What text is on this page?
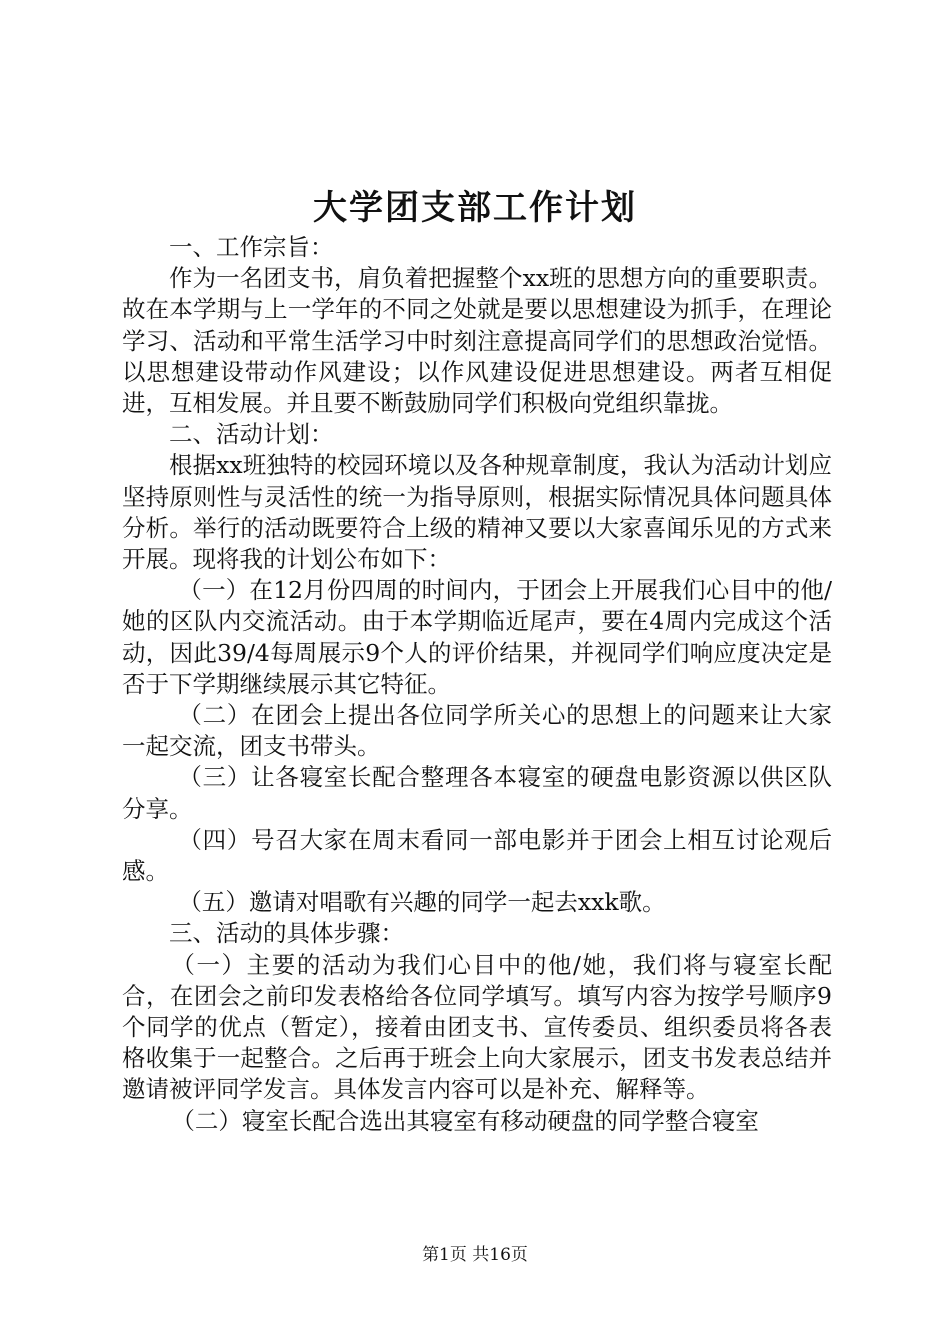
大学团支部工作计划

一、工作宗旨：

作为一名团支书，肩负着把握整个xx班的思想方向的重要职责。故在本学期与上一学年的不同之处就是要以思想建设为抓手，在理论学习、活动和平常生活学习中时刻注意提高同学们的思想政治觉悟。以思想建设带动作风建设；以作风建设促进思想建设。两者互相促进，互相发展。并且要不断鼓励同学们积极向党组织靠拢。

二、活动计划：

根据xx班独特的校园环境以及各种规章制度，我认为活动计划应坚持原则性与灵活性的统一为指导原则，根据实际情况具体问题具体分析。举行的活动既要符合上级的精神又要以大家喜闻乐见的方式来开展。现将我的计划公布如下：

（一）在12月份四周的时间内，于团会上开展我们心目中的他/她的区队内交流活动。由于本学期临近尾声，要在4周内完成这个活动，因此39/4每周展示9个人的评价结果，并视同学们响应度决定是否于下学期继续展示其它特征。

（二）在团会上提出各位同学所关心的思想上的问题来让大家一起交流，团支书带头。

（三）让各寝室长配合整理各本寝室的硬盘电影资源以供区队分享。

（四）号召大家在周末看同一部电影并于团会上相互讨论观后感。

（五）邀请对唱歌有兴趣的同学一起去xxk歌。

三、活动的具体步骤：

（一）主要的活动为我们心目中的他/她，我们将与寝室长配合，在团会之前印发表格给各位同学填写。填写内容为按学号顺序9个同学的优点（暂定），接着由团支书、宣传委员、组织委员将各表格收集于一起整合。之后再于班会上向大家展示，团支书发表总结并邀请被评同学发言。具体发言内容可以是补充、解释等。

（二）寝室长配合选出其寝室有移动硬盘的同学整合寝室

第1页 共16页
